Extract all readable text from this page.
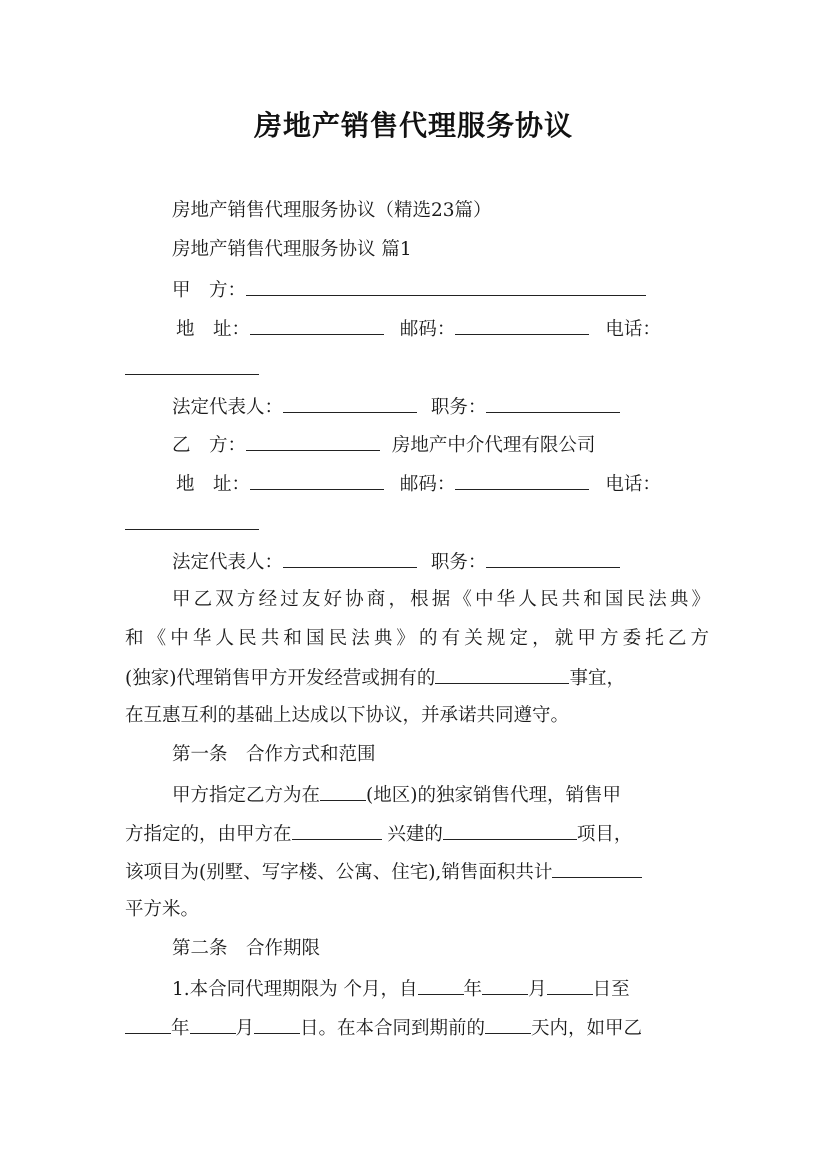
房地产销售代理服务协议
房地产销售代理服务协议（精选23篇）
房地产销售代理服务协议 篇1
甲　方：
地　址：	邮码：	电话：
法定代表人：	职务：
乙　方：	房地产中介代理有限公司
地　址：	邮码：	电话：
法定代表人：	职务：
甲乙双方经过友好协商，根据《中华人民共和国民法典》
和《中华人民共和国民法典》的有关规定，就甲方委托乙方
(独家)代理销售甲方开发经营或拥有的	事宜，
在互惠互利的基础上达成以下协议，并承诺共同遵守。
第一条　合作方式和范围
甲方指定乙方为在 (地区)的独家销售代理，销售甲
方指定的，由甲方在	兴建的	项目，
该项目为(别墅、写字楼、公寓、住宅),销售面积共计
平方米。
第二条　合作期限
1.本合同代理期限为 个月，自 年 月 日至
年 月 日。在本合同到期前的 天内，如甲乙
